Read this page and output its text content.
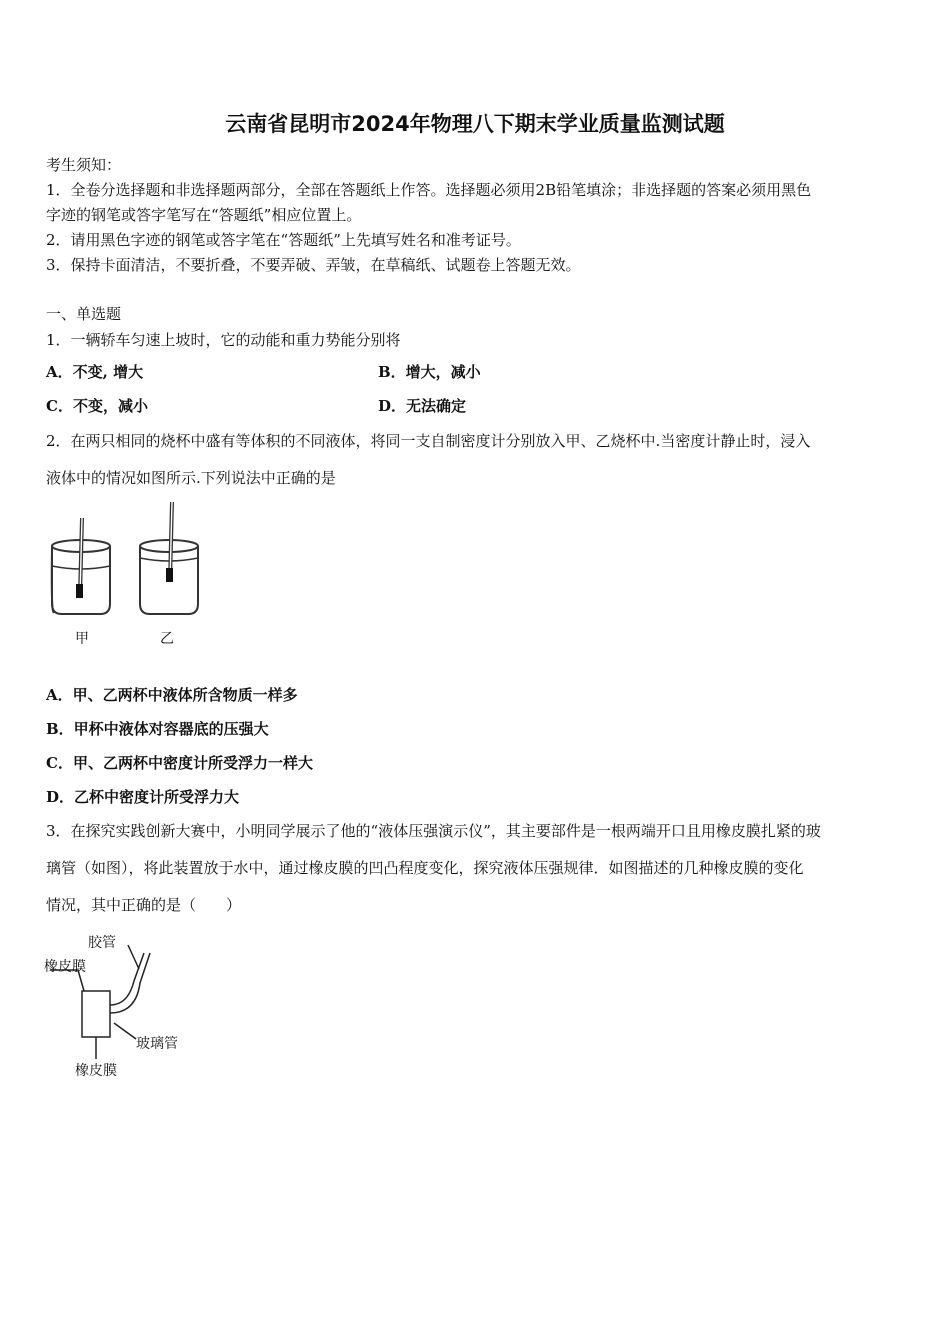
云南省昆明市2024年物理八下期末学业质量监测试题
考生须知：
1．全卷分选择题和非选择题两部分，全部在答题纸上作答。选择题必须用2B铅笔填涂；非选择题的答案必须用黑色
字迹的钢笔或答字笔写在“答题纸”相应位置上。
2．请用黑色字迹的钢笔或答字笔在“答题纸”上先填写姓名和准考证号。
3．保持卡面清洁，不要折叠，不要弄破、弄皱，在草稿纸、试题卷上答题无效。
一、单选题
1．一辆轿车匀速上坡时，它的动能和重力势能分别将
A．不变, 增大	B．增大，减小
C．不变，减小	D．无法确定
2．在两只相同的烧杯中盛有等体积的不同液体，将同一支自制密度计分别放入甲、乙烧杯中.当密度计静止时，浸入
液体中的情况如图所示.下列说法中正确的是
甲	乙
A．甲、乙两杯中液体所含物质一样多
B．甲杯中液体对容器底的压强大
C．甲、乙两杯中密度计所受浮力一样大
D．乙杯中密度计所受浮力大
3．在探究实践创新大赛中，小明同学展示了他的“液体压强演示仪”，其主要部件是一根两端开口且用橡皮膜扎紧的玻
璃管（如图），将此装置放于水中，通过橡皮膜的凹凸程度变化，探究液体压强规律．如图描述的几种橡皮膜的变化
情况，其中正确的是（　　）
胶管
橡皮膜
玻璃管
橡皮膜
